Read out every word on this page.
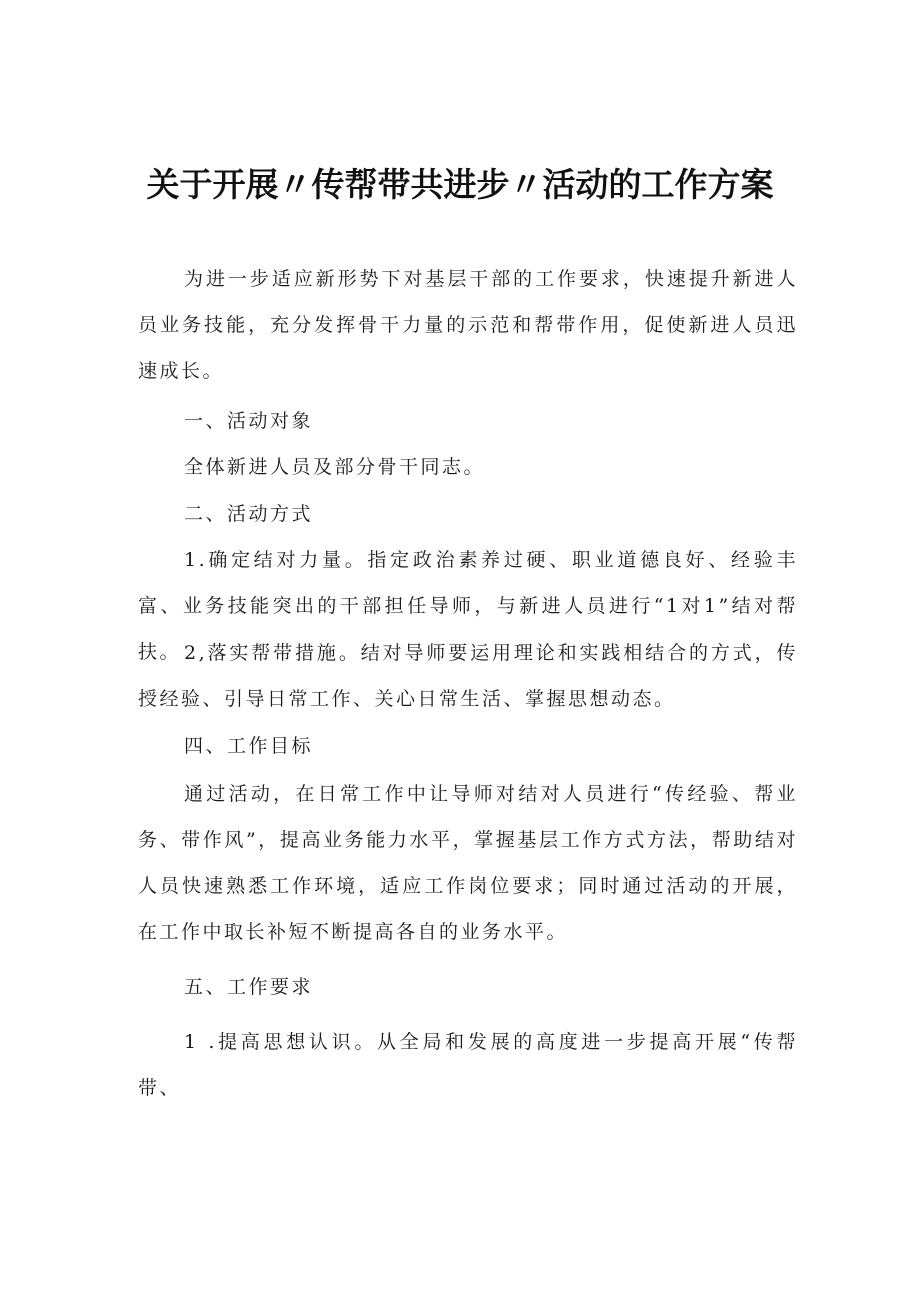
关于开展〃传帮带共进步〃活动的工作方案
为进一步适应新形势下对基层干部的工作要求，快速提升新进人员业务技能，充分发挥骨干力量的示范和帮带作用，促使新进人员迅速成长。
一、活动对象
全体新进人员及部分骨干同志。
二、活动方式
1.确定结对力量。指定政治素养过硬、职业道德良好、经验丰富、业务技能突出的干部担任导师，与新进人员进行“1对1”结对帮扶。 2,落实帮带措施。结对导师要运用理论和实践相结合的方式，传授经验、引导日常工作、关心日常生活、掌握思想动态。
四、工作目标
通过活动，在日常工作中让导师对结对人员进行“传经验、帮业务、带作风”，提高业务能力水平，掌握基层工作方式方法，帮助结对人员快速熟悉工作环境，适应工作岗位要求；同时通过活动的开展，在工作中取长补短不断提高各自的业务水平。
五、工作要求
1 .提高思想认识。从全局和发展的高度进一步提高开展“传帮带、
